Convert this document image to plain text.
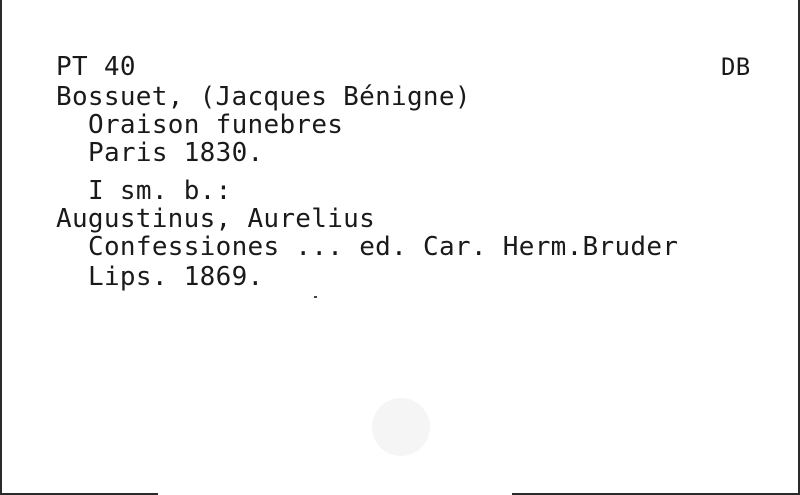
PT 40	DB
Bossuet, (Jacques Bénigne)
Oraison funebres
Paris 1830.
I sm. b.:
Augustinus, Aurelius
Confessiones ... ed. Car. Herm.Bruder
Lips. 1869.
